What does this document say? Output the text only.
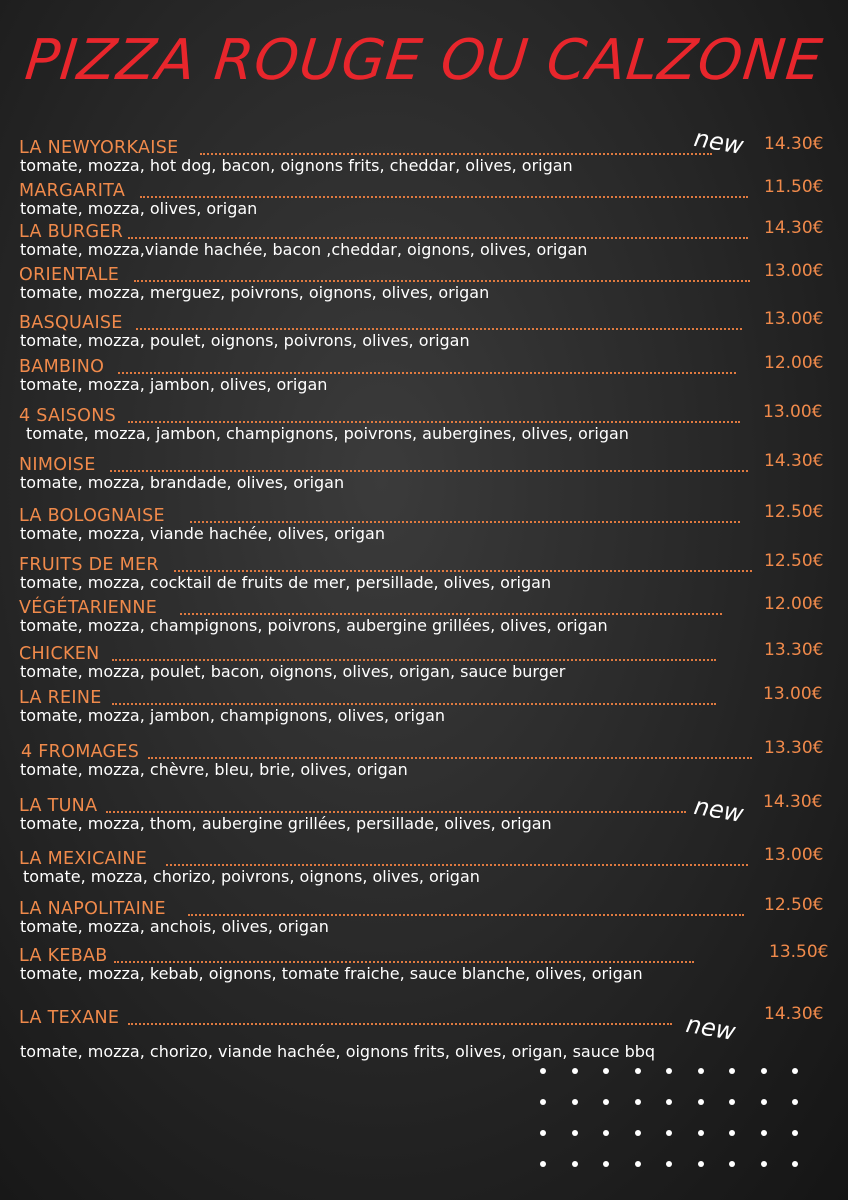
PIZZA ROUGE OU CALZONE
LA NEWYORKAISE	14.30€
tomate, mozza, hot dog, bacon, oignons frits, cheddar, olives, origan
new
MARGARITA	11.50€
tomate, mozza, olives, origan
LA BURGER	14.30€
tomate, mozza,viande hachée, bacon ,cheddar, oignons, olives, origan
ORIENTALE	13.00€
tomate, mozza, merguez, poivrons, oignons, olives, origan
BASQUAISE	13.00€
tomate, mozza, poulet, oignons, poivrons, olives, origan
BAMBINO	12.00€
tomate, mozza, jambon, olives, origan
4 SAISONS	13.00€
tomate, mozza, jambon, champignons, poivrons, aubergines, olives, origan
NIMOISE	14.30€
tomate, mozza, brandade, olives, origan
LA BOLOGNAISE	12.50€
tomate, mozza, viande hachée, olives, origan
FRUITS DE MER	12.50€
tomate, mozza, cocktail de fruits de mer, persillade, olives, origan
VÉGÉTARIENNE	12.00€
tomate, mozza, champignons, poivrons, aubergine grillées, olives, origan
CHICKEN	13.30€
tomate, mozza, poulet, bacon, oignons, olives, origan, sauce burger
LA REINE	13.00€
tomate, mozza, jambon, champignons, olives, origan
4 FROMAGES	13.30€
tomate, mozza, chèvre, bleu, brie, olives, origan
LA TUNA	14.30€
tomate, mozza, thom, aubergine grillées, persillade, olives, origan	new
LA MEXICAINE	13.00€
tomate, mozza, chorizo, poivrons, oignons, olives, origan
LA NAPOLITAINE	12.50€
tomate, mozza, anchois, olives, origan
LA KEBAB	13.50€
tomate, mozza, kebab, oignons, tomate fraiche, sauce blanche, olives, origan
LA TEXANE	14.30€
tomate, mozza, chorizo, viande hachée, oignons frits, olives, origan, sauce bbq
new
